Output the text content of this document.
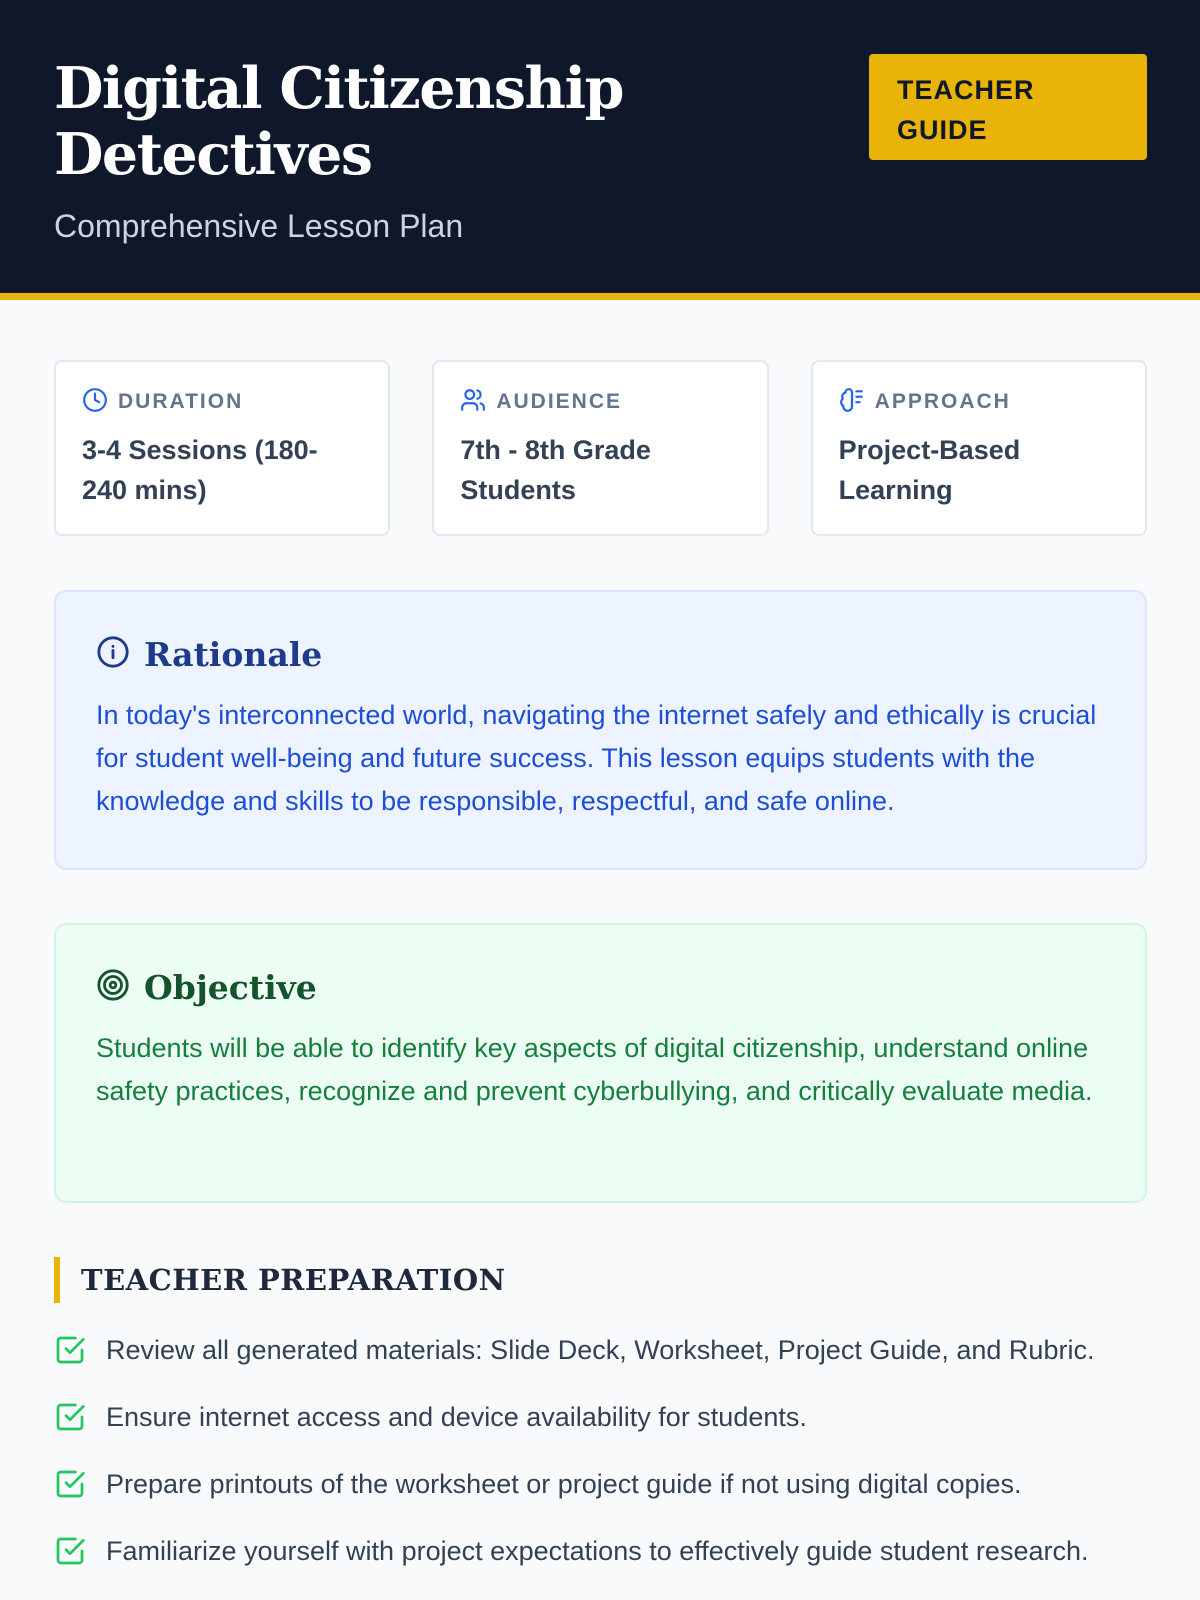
Digital Citizenship Detectives
Comprehensive Lesson Plan
TEACHER GUIDE
DURATION
3-4 Sessions (180-240 mins)
AUDIENCE
7th - 8th Grade Students
APPROACH
Project-Based Learning
Rationale

In today's interconnected world, navigating the internet safely and ethically is crucial for student well-being and future success. This lesson equips students with the knowledge and skills to be responsible, respectful, and safe online.

Objective

Students will be able to identify key aspects of digital citizenship, understand online safety practices, recognize and prevent cyberbullying, and critically evaluate media.

TEACHER PREPARATION
Review all generated materials: Slide Deck, Worksheet, Project Guide, and Rubric.
Ensure internet access and device availability for students.
Prepare printouts of the worksheet or project guide if not using digital copies.
Familiarize yourself with project expectations to effectively guide student research.
